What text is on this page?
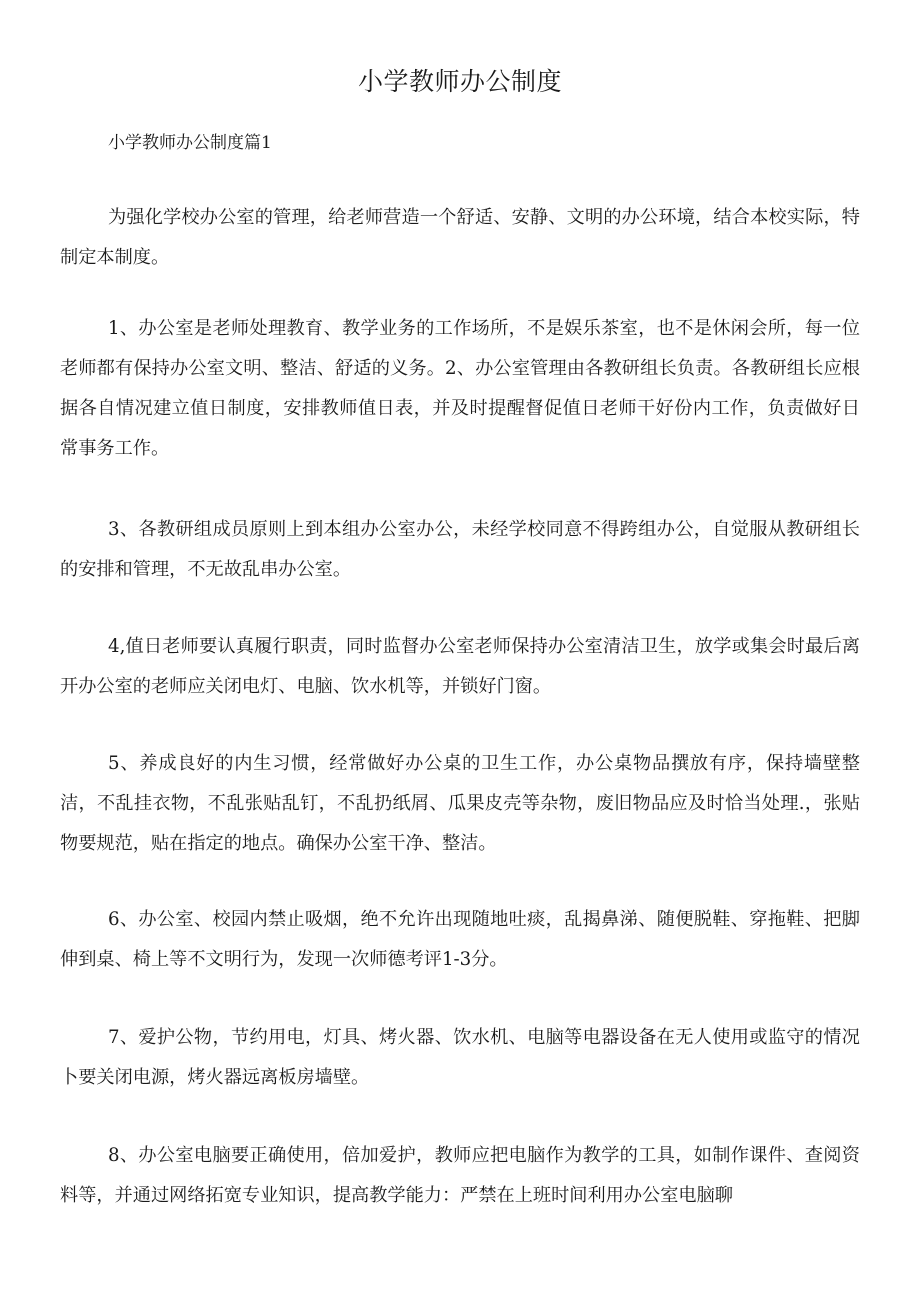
小学教师办公制度

小学教师办公制度篇1

为强化学校办公室的管理，给老师营造一个舒适、安静、文明的办公环境，结合本校实际，特制定本制度。

1、办公室是老师处理教育、教学业务的工作场所，不是娱乐茶室，也不是休闲会所，每一位老师都有保持办公室文明、整洁、舒适的义务。2、办公室管理由各教研组长负责。各教研组长应根据各自情况建立值日制度，安排教师值日表，并及时提醒督促值日老师干好份内工作，负责做好日常事务工作。

3、各教研组成员原则上到本组办公室办公，未经学校同意不得跨组办公，自觉服从教研组长的安排和管理，不无故乱串办公室。

4,值日老师要认真履行职责，同时监督办公室老师保持办公室清洁卫生，放学或集会时最后离开办公室的老师应关闭电灯、电脑、饮水机等，并锁好门窗。

5、养成良好的内生习惯，经常做好办公桌的卫生工作，办公桌物品撰放有序，保持墙壁整洁，不乱挂衣物，不乱张贴乱钉，不乱扔纸屑、瓜果皮壳等杂物，废旧物品应及时恰当处理.，张贴物要规范，贴在指定的地点。确保办公室干净、整洁。

6、办公室、校园内禁止吸烟，绝不允许出现随地吐痰，乱揭鼻涕、随便脱鞋、穿拖鞋、把脚伸到桌、椅上等不文明行为，发现一次师德考评1-3分。

7、爱护公物，节约用电，灯具、烤火器、饮水机、电脑等电器设备在无人使用或监守的情况卜要关闭电源，烤火器远离板房墙壁。

8、办公室电脑要正确使用，倍加爱护，教师应把电脑作为教学的工具，如制作课件、查阅资料等，并通过网络拓宽专业知识，提高教学能力：严禁在上班时间利用办公室电脑聊
